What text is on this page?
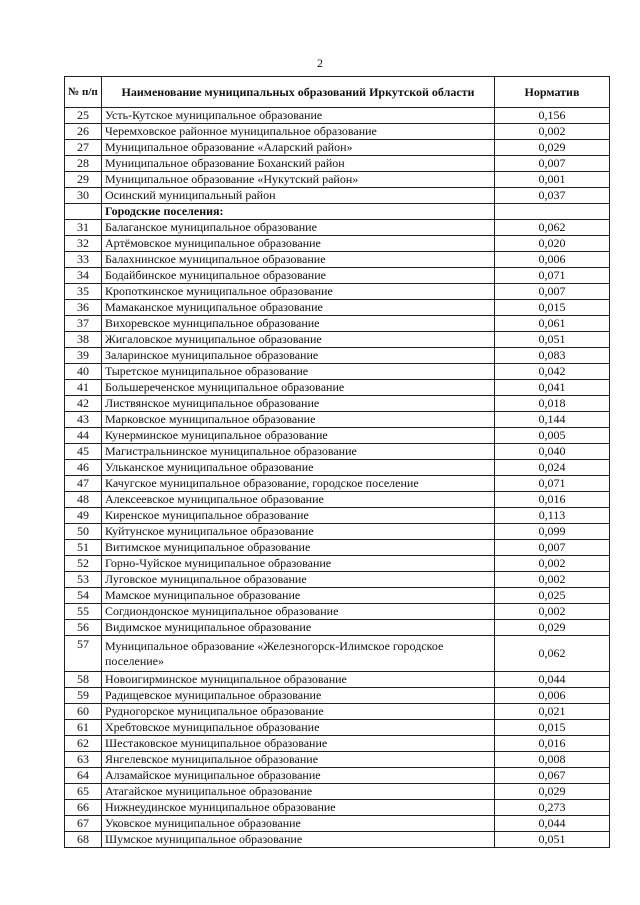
2
№ п/п	Наименование муниципальных образований Иркутской области	Норматив
25	Усть-Кутское муниципальное образование	0,156
26	Черемховское районное муниципальное образование	0,002
27	Муниципальное образование «Аларский район»	0,029
28	Муниципальное образование Боханский район	0,007
29	Муниципальное образование «Нукутский район»	0,001
30	Осинский муниципальный район	0,037
	Городские поселения:	
31	Балаганское муниципальное образование	0,062
32	Артёмовское муниципальное образование	0,020
33	Балахнинское муниципальное образование	0,006
34	Бодайбинское муниципальное образование	0,071
35	Кропоткинское муниципальное образование	0,007
36	Мамаканское муниципальное образование	0,015
37	Вихоревское муниципальное образование	0,061
38	Жигаловское муниципальное образование	0,051
39	Заларинское муниципальное образование	0,083
40	Тыретское муниципальное образование	0,042
41	Большереченское муниципальное образование	0,041
42	Листвянское муниципальное образование	0,018
43	Марковское муниципальное образование	0,144
44	Кунерминское муниципальное образование	0,005
45	Магистральнинское муниципальное образование	0,040
46	Улькансκое муниципальное образование	0,024
47	Качугское муниципальное образование, городское поселение	0,071
48	Алексеевское муниципальное образование	0,016
49	Киренское муниципальное образование	0,113
50	Куйтунское муниципальное образование	0,099
51	Витимское муниципальное образование	0,007
52	Горно-Чуйское муниципальное образование	0,002
53	Луговское муниципальное образование	0,002
54	Мамское муниципальное образование	0,025
55	Согдиондонское муниципальное образование	0,002
56	Видимское муниципальное образование	0,029
57	Муниципальное образование «Железногорск-Илимское городское поселение»	0,062
58	Новоигирминское муниципальное образование	0,044
59	Радищевское муниципальное образование	0,006
60	Рудногорское муниципальное образование	0,021
61	Хребтовское муниципальное образование	0,015
62	Шестаковское муниципальное образование	0,016
63	Янгелевское муниципальное образование	0,008
64	Алзамайское муниципальное образование	0,067
65	Атагайское муниципальное образование	0,029
66	Нижнеудинское муниципальное образование	0,273
67	Уковское муниципальное образование	0,044
68	Шумское муниципальное образование	0,051
